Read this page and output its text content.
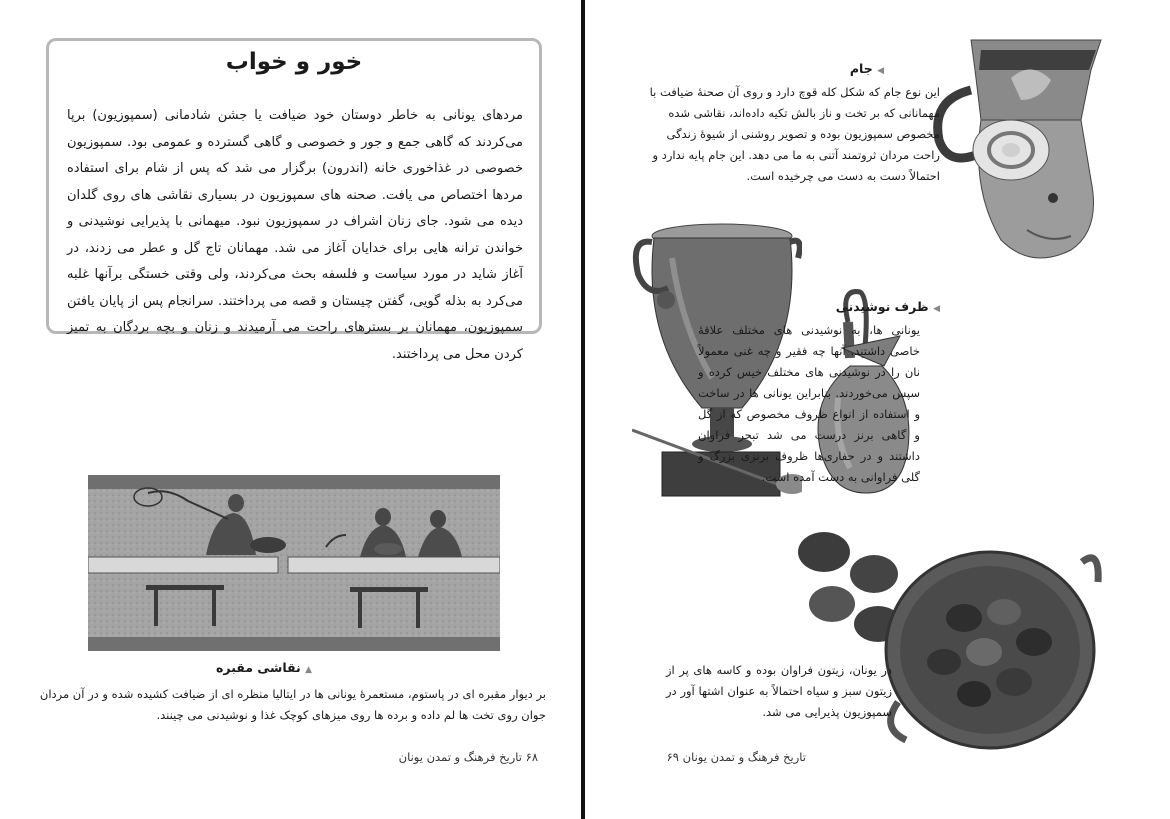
خور و خواب

مردهای یونانی به خاطر دوستان خود ضیافت یا جشن شادمانی (سمپوزیون) برپا می‌کردند که گاهی جمع و جور و خصوصی و گاهی گسترده و عمومی بود. سمپوزیون خصوصی در غذاخوری خانه (اندرون) برگزار می شد که پس از شام برای استفاده مردها اختصاص می یافت. صحنه های سمپوزیون در بسیاری نقاشی های روی گلدان دیده می شود. جای زنان اشراف در سمپوزیون نبود. میهمانی با پذیرایی نوشیدنی و خواندن ترانه هایی برای خدایان آغاز می شد. مهمانان تاج گل و عطر می زدند، در آغاز شاید در مورد سیاست و فلسفه بحث می‌کردند، ولی وقتی خستگی برآنها غلبه می‌کرد به بذله گویی، گفتن چیستان و قصه می پرداختند. سرانجام پس از پایان یافتن سمپوزیون، مهمانان بر بسترهای راحت می آرمیدند و زنان و بچه بردگان به تمیز کردن محل می پرداختند.

▲ نقاشی مقبره

بر دیوار مقبره ای در پاستوم، مستعمرهٔ یونانی ها در ایتالیا منظره ای از ضیافت کشیده شده و در آن مردان جوان روی تخت ها لم داده و برده ها روی میزهای کوچک غذا و نوشیدنی می چینند.

۶۸ تاریخ فرهنگ و تمدن یونان
◀ جام

این نوع جام که شکل کله قوچ دارد و روی آن صحنهٔ ضیافت با مهمانانی که بر تخت و ناز بالش تکیه داده‌اند، نقاشی شده مخصوص سمپوزیون بوده و تصویر روشنی از شیوهٔ زندگی راحت مردان ثروتمند آتنی به ما می دهد. این جام پایه ندارد و احتمالاً دست به دست می چرخیده است.

◀ ظرف نوشیدنی

یونانی ها، به نوشیدنی های مختلف علاقهٔ خاصی داشتند. آنها چه فقیر و چه غنی معمولاً نان را در نوشیدنی های مختلف خیس کرده و سپس می‌خوردند. بنابراین یونانی ها در ساخت و استفاده از انواع ظروف مخصوص که از گل و گاهی برنز درست می شد تبحر فراوان داشتند و در حفاری‌ها ظروف برنزی بزرگ و گلی فراوانی به دست آمده است.

در یونان، زیتون فراوان بوده و کاسه های پر از زیتون سبز و سیاه احتمالاً به عنوان اشتها آور در سمپوزیون پذیرایی می شد.

تاریخ فرهنگ و تمدن یونان ۶۹
